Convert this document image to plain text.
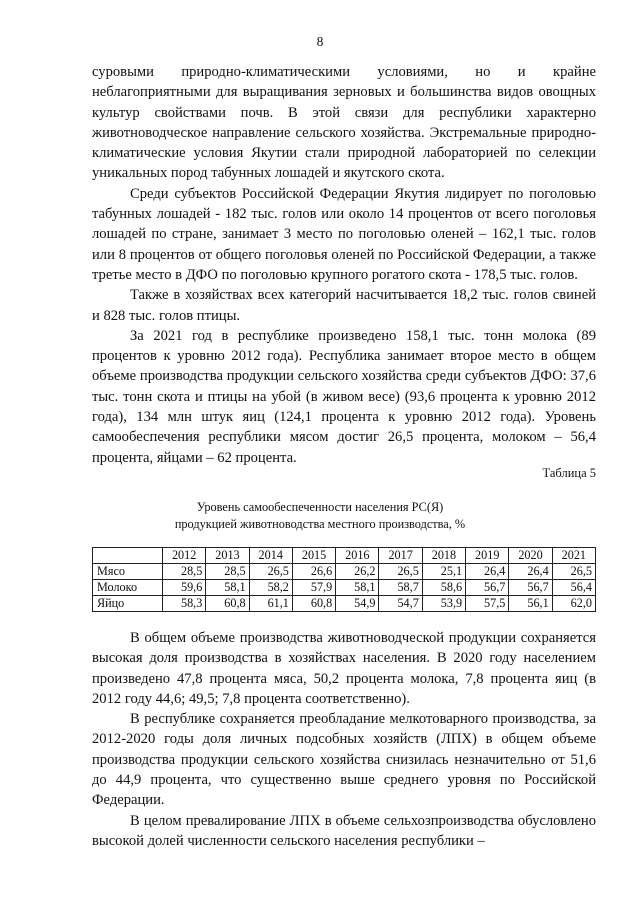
8

суровыми природно-климатическими условиями, но и крайне неблагоприятными для выращивания зерновых и большинства видов овощных культур свойствами почв. В этой связи для республики характерно животноводческое направление сельского хозяйства. Экстремальные природно-климатические условия Якутии стали природной лабораторией по селекции уникальных пород табунных лошадей и якутского скота.

Среди субъектов Российской Федерации Якутия лидирует по поголовью табунных лошадей - 182 тыс. голов или около 14 процентов от всего поголовья лошадей по стране, занимает 3 место по поголовью оленей – 162,1 тыс. голов или 8 процентов от общего поголовья оленей по Российской Федерации, а также третье место в ДФО по поголовью крупного рогатого скота - 178,5 тыс. голов.

Также в хозяйствах всех категорий насчитывается 18,2 тыс. голов свиней и 828 тыс. голов птицы.

За 2021 год в республике произведено 158,1 тыс. тонн молока (89 процентов к уровню 2012 года). Республика занимает второе место в общем объеме производства продукции сельского хозяйства среди субъектов ДФО: 37,6 тыс. тонн скота и птицы на убой (в живом весе) (93,6 процента к уровню 2012 года), 134 млн штук яиц (124,1 процента к уровню 2012 года). Уровень самообеспечения республики мясом достиг 26,5 процента, молоком – 56,4 процента, яйцами – 62 процента.

Таблица 5
Уровень самообеспеченности населения РС(Я)
продукцией животноводства местного производства, %
	2012	2013	2014	2015	2016	2017	2018	2019	2020	2021
Мясо	28,5	28,5	26,5	26,6	26,2	26,5	25,1	26,4	26,4	26,5
Молоко	59,6	58,1	58,2	57,9	58,1	58,7	58,6	56,7	56,7	56,4
Яйцо	58,3	60,8	61,1	60,8	54,9	54,7	53,9	57,5	56,1	62,0

В общем объеме производства животноводческой продукции сохраняется высокая доля производства в хозяйствах населения. В 2020 году населением произведено 47,8 процента мяса, 50,2 процента молока, 7,8 процента яиц (в 2012 году 44,6; 49,5; 7,8 процента соответственно).

В республике сохраняется преобладание мелкотоварного производства, за 2012-2020 годы доля личных подсобных хозяйств (ЛПХ) в общем объеме производства продукции сельского хозяйства снизилась незначительно от 51,6 до 44,9 процента, что существенно выше среднего уровня по Российской Федерации.

В целом превалирование ЛПХ в объеме сельхозпроизводства обусловлено высокой долей численности сельского населения республики –
